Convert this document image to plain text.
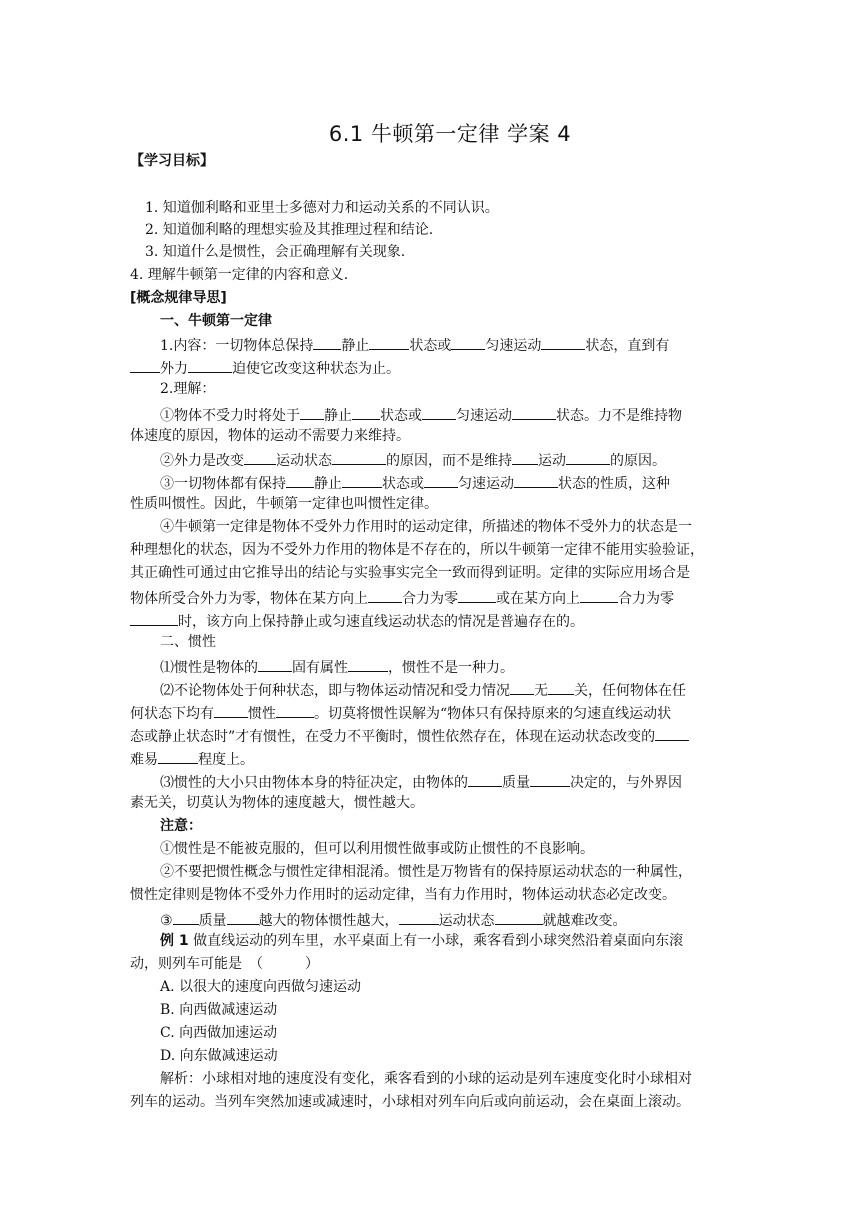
6.1 牛顿第一定律 学案 4
【学习目标】
1. 知道伽利略和亚里士多德对力和运动关系的不同认识。
2. 知道伽利略的理想实验及其推理过程和结论.
3. 知道什么是惯性，会正确理解有关现象.
4. 理解牛顿第一定律的内容和意义.
[概念规律导思]
一、牛顿第一定律
1.内容：一切物体总保持 静止	状态或 匀速运动	状态，直到有
外力	迫使它改变这种状态为止。
2.理解：
①物体不受力时将处于 静止 状态或 匀速运动	状态。力不是维持物
体速度的原因，物体的运动不需要力来维持。
②外力是改变 运动状态	的原因，而不是维持 运动	的原因。
③一切物体都有保持 静止	状态或 匀速运动	状态的性质，这种
性质叫惯性。因此，牛顿第一定律也叫惯性定律。
④牛顿第一定律是物体不受外力作用时的运动定律，所描述的物体不受外力的状态是一
种理想化的状态，因为不受外力作用的物体是不存在的，所以牛顿第一定律不能用实验验证，
其正确性可通过由它推导出的结论与实验事实完全一致而得到证明。定律的实际应用场合是
物体所受合外力为零，物体在某方向上 合力为零	或在某方向上	合力为零
时，该方向上保持静止或匀速直线运动状态的情况是普遍存在的。
二、惯性
⑴惯性是物体的 固有属性	，惯性不是一种力。
⑵不论物体处于何种状态，即与物体运动情况和受力情况 无 关，任何物体在任
何状态下均有 惯性	。切莫将惯性误解为“物体只有保持原来的匀速直线运动状
态或静止状态时”才有惯性，在受力不平衡时，惯性依然存在，体现在运动状态改变的
难易	程度上。
⑶惯性的大小只由物体本身的特征决定，由物体的 质量	决定的，与外界因
素无关，切莫认为物体的速度越大，惯性越大。
注意：
①惯性是不能被克服的，但可以利用惯性做事或防止惯性的不良影响。
②不要把惯性概念与惯性定律相混淆。惯性是万物皆有的保持原运动状态的一种属性，
惯性定律则是物体不受外力作用时的运动定律，当有力作用时，物体运动状态必定改变。
③ 质量 越大的物体惯性越大，	运动状态	就越难改变。
例 1 做直线运动的列车里，水平桌面上有一小球，乘客看到小球突然沿着桌面向东滚
动，则列车可能是　（　　　）
A. 以很大的速度向西做匀速运动
B. 向西做减速运动
C. 向西做加速运动
D. 向东做减速运动
解析：小球相对地的速度没有变化，乘客看到的小球的运动是列车速度变化时小球相对
列车的运动。当列车突然加速或减速时，小球相对列车向后或向前运动，会在桌面上滚动。
